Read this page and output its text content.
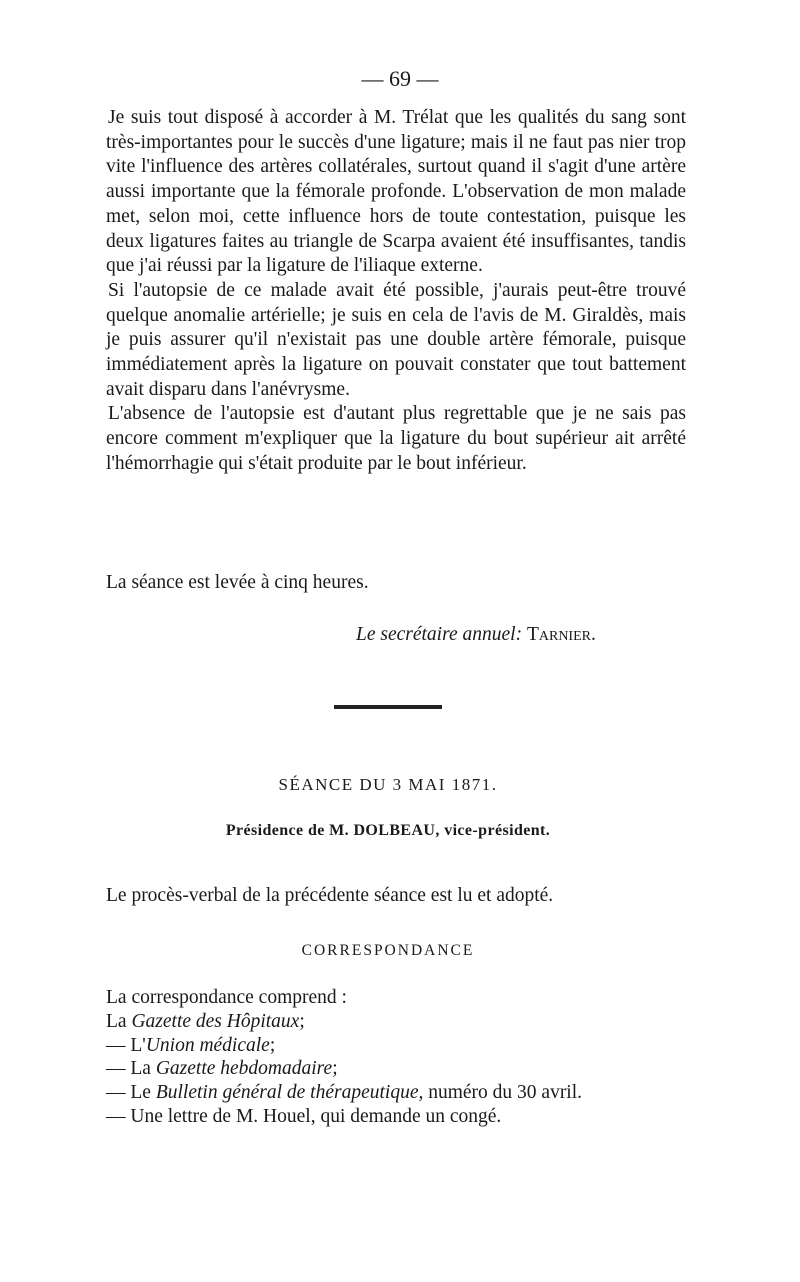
— 69 —

Je suis tout disposé à accorder à M. Trélat que les qualités du sang sont très-importantes pour le succès d'une ligature; mais il ne faut pas nier trop vite l'influence des artères collatérales, surtout quand il s'agit d'une artère aussi importante que la fémorale profonde. L'observation de mon malade met, selon moi, cette influence hors de toute contestation, puisque les deux ligatures faites au triangle de Scarpa avaient été insuffisantes, tandis que j'ai réussi par la ligature de l'iliaque externe.

Si l'autopsie de ce malade avait été possible, j'aurais peut-être trouvé quelque anomalie artérielle; je suis en cela de l'avis de M. Giraldès, mais je puis assurer qu'il n'existait pas une double artère fémorale, puisque immédiatement après la ligature on pouvait constater que tout battement avait disparu dans l'anévrysme.

L'absence de l'autopsie est d'autant plus regrettable que je ne sais pas encore comment m'expliquer que la ligature du bout supérieur ait arrêté l'hémorrhagie qui s'était produite par le bout inférieur.

La séance est levée à cinq heures.
Le secrétaire annuel: Tarnier.
SÉANCE DU 3 MAI 1871.
Présidence de M. DOLBEAU, vice-président.
Le procès-verbal de la précédente séance est lu et adopté.
CORRESPONDANCE
La correspondance comprend :
La Gazette des Hôpitaux;
— L'Union médicale;
— La Gazette hebdomadaire;
— Le Bulletin général de thérapeutique, numéro du 30 avril.
— Une lettre de M. Houel, qui demande un congé.
